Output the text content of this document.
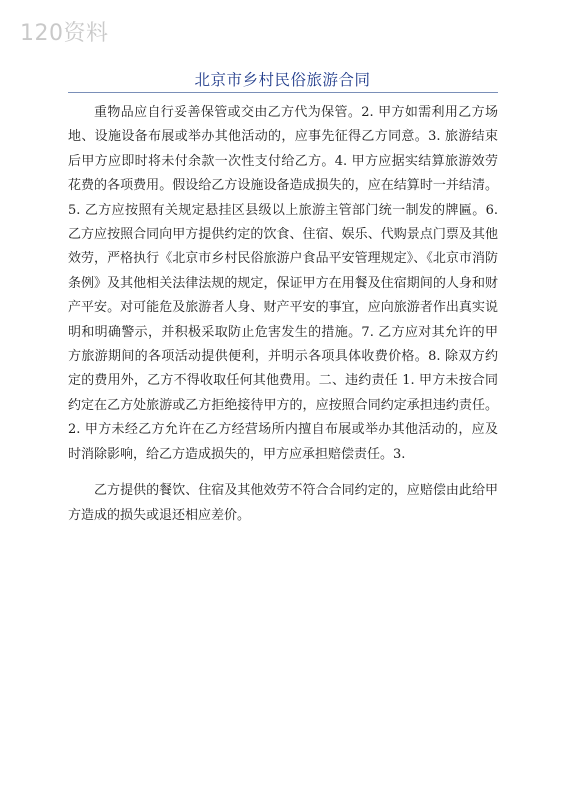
120资料
北京市乡村民俗旅游合同

重物品应自行妥善保管或交由乙方代为保管。2. 甲方如需利用乙方场地、设施设备布展或举办其他活动的，应事先征得乙方同意。3. 旅游结束后甲方应即时将未付余款一次性支付给乙方。4. 甲方应据实结算旅游效劳花费的各项费用。假设给乙方设施设备造成损失的，应在结算时一并结清。5. 乙方应按照有关规定悬挂区县级以上旅游主管部门统一制发的牌匾。6. 乙方应按照合同向甲方提供约定的饮食、住宿、娱乐、代购景点门票及其他效劳，严格执行《北京市乡村民俗旅游户食品平安管理规定》、《北京市消防条例》及其他相关法律法规的规定，保证甲方在用餐及住宿期间的人身和财产平安。对可能危及旅游者人身、财产平安的事宜，应向旅游者作出真实说明和明确警示，并积极采取防止危害发生的措施。7. 乙方应对其允许的甲方旅游期间的各项活动提供便利，并明示各项具体收费价格。8. 除双方约定的费用外，乙方不得收取任何其他费用。二、违约责任 1. 甲方未按合同约定在乙方处旅游或乙方拒绝接待甲方的，应按照合同约定承担违约责任。2. 甲方未经乙方允许在乙方经营场所内擅自布展或举办其他活动的，应及时消除影响，给乙方造成损失的，甲方应承担赔偿责任。3.

乙方提供的餐饮、住宿及其他效劳不符合合同约定的，应赔偿由此给甲方造成的损失或退还相应差价。
